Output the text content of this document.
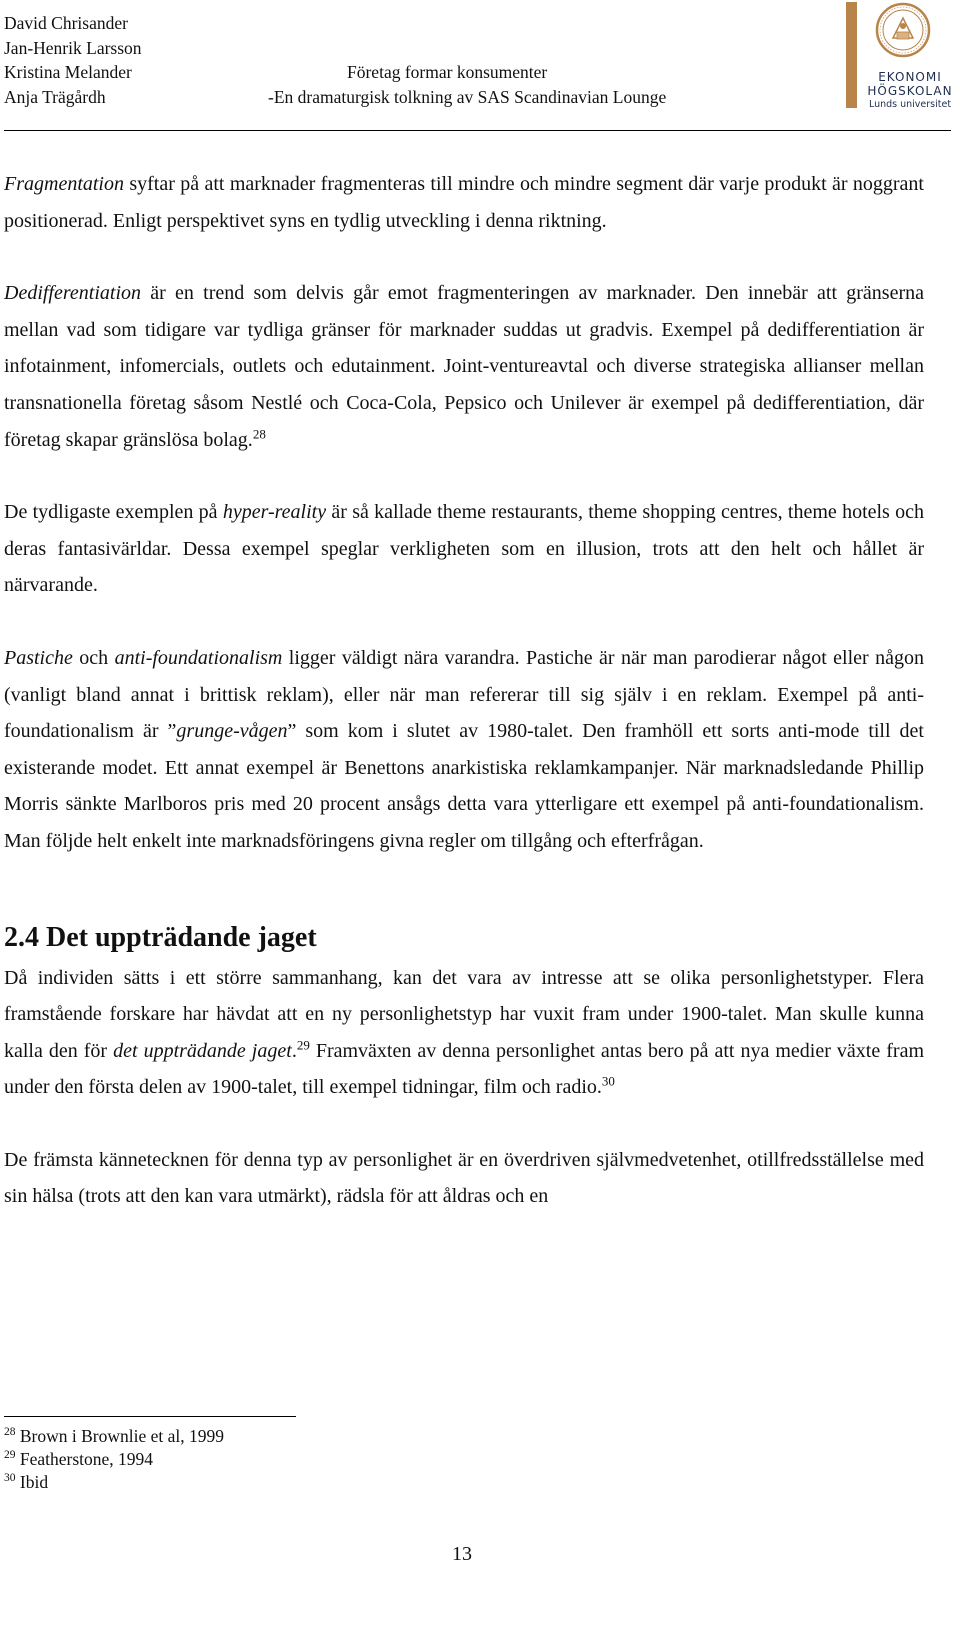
David Chrisander
Jan-Henrik Larsson
Kristina Melander
Anja Trägårdh
Företag formar konsumenter
-En dramaturgisk tolkning av SAS Scandinavian Lounge
EKONOMI
HÖGSKOLAN
Lunds universitet

Fragmentation syftar på att marknader fragmenteras till mindre och mindre segment där varje produkt är noggrant positionerad. Enligt perspektivet syns en tydlig utveckling i denna riktning.

Dedifferentiation är en trend som delvis går emot fragmenteringen av marknader. Den innebär att gränserna mellan vad som tidigare var tydliga gränser för marknader suddas ut gradvis. Exempel på dedifferentiation är infotainment, infomercials, outlets och edutainment. Joint-ventureavtal och diverse strategiska allianser mellan transnationella företag såsom Nestlé och Coca-Cola, Pepsico och Unilever är exempel på dedifferentiation, där företag skapar gränslösa bolag.$^{28}$

De tydligaste exemplen på hyper-reality är så kallade theme restaurants, theme shopping centres, theme hotels och deras fantasivärldar. Dessa exempel speglar verkligheten som en illusion, trots att den helt och hållet är närvarande.

Pastiche och anti-foundationalism ligger väldigt nära varandra. Pastiche är när man parodierar något eller någon (vanligt bland annat i brittisk reklam), eller när man refererar till sig själv i en reklam. Exempel på anti-foundationalism är ”grunge-vågen” som kom i slutet av 1980-talet. Den framhöll ett sorts anti-mode till det existerande modet. Ett annat exempel är Benettons anarkistiska reklamkampanjer. När marknadsledande Phillip Morris sänkte Marlboros pris med 20 procent ansågs detta vara ytterligare ett exempel på anti-foundationalism. Man följde helt enkelt inte marknadsföringens givna regler om tillgång och efterfrågan.

2.4 Det uppträdande jaget

Då individen sätts i ett större sammanhang, kan det vara av intresse att se olika personlighetstyper. Flera framstående forskare har hävdat att en ny personlighetstyp har vuxit fram under 1900-talet. Man skulle kunna kalla den för det uppträdande jaget.$^{29}$ Framväxten av denna personlighet antas bero på att nya medier växte fram under den första delen av 1900-talet, till exempel tidningar, film och radio.$^{30}$

De främsta kännetecknen för denna typ av personlighet är en överdriven självmedvetenhet, otillfredsställelse med sin hälsa (trots att den kan vara utmärkt), rädsla för att åldras och en

$^{28}$ Brown i Brownlie et al, 1999
$^{29}$ Featherstone, 1994
$^{30}$ Ibid
13
